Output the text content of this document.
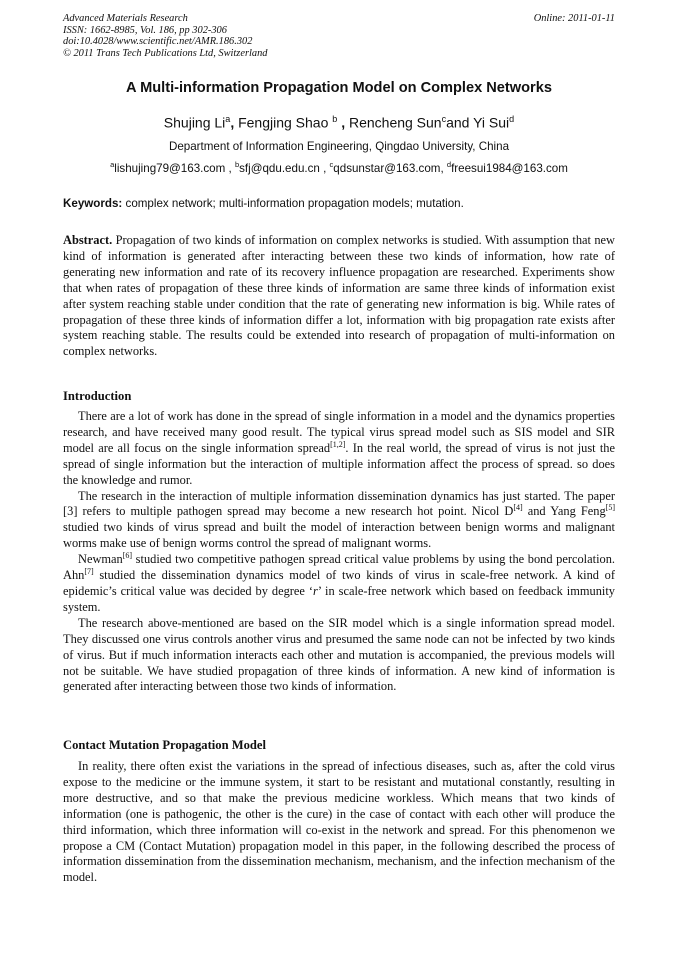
Advanced Materials Research
ISSN: 1662-8985, Vol. 186, pp 302-306
doi:10.4028/www.scientific.net/AMR.186.302
© 2011 Trans Tech Publications Ltd, Switzerland
Online: 2011-01-11
A Multi-information Propagation Model on Complex Networks
Shujing Li$^a$, Fengjing Shao $^b$ , Rencheng Sun$^c$and Yi Sui$^d$
Department of Information Engineering, Qingdao University, China
$^a$lishujing79@163.com , $^b$sfj@qdu.edu.cn , $^c$qdsunstar@163.com, $^d$freesui1984@163.com
Keywords: complex network; multi-information propagation models; mutation.

Abstract. Propagation of two kinds of information on complex networks is studied. With assumption that new kind of information is generated after interacting between these two kinds of information, how rate of generating new information and rate of its recovery influence propagation are researched. Experiments show that when rates of propagation of these three kinds of information are same three kinds of information exist after system reaching stable under condition that the rate of generating new information is big. While rates of propagation of these three kinds of information differ a lot, information with big propagation rate exists after system reaching stable. The results could be extended into research of propagation of multi-information on complex networks.

Introduction

There are a lot of work has done in the spread of single information in a model and the dynamics properties research, and have received many good result. The typical virus spread model such as SIS model and SIR model are all focus on the single information spread[1,2]. In the real world, the spread of virus is not just the spread of single information but the interaction of multiple information affect the process of spread. so does the knowledge and rumor.

The research in the interaction of multiple information dissemination dynamics has just started. The paper [3] refers to multiple pathogen spread may become a new research hot point. Nicol D[4] and Yang Feng[5] studied two kinds of virus spread and built the model of interaction between benign worms and malignant worms make use of benign worms control the spread of malignant worms.

Newman[6] studied two competitive pathogen spread critical value problems by using the bond percolation. Ahn[7] studied the dissemination dynamics model of two kinds of virus in scale-free network. A kind of epidemic’s critical value was decided by degree ‘r’ in scale-free network which based on feedback immunity system.

The research above-mentioned are based on the SIR model which is a single information spread model. They discussed one virus controls another virus and presumed the same node can not be infected by two kinds of virus. But if much information interacts each other and mutation is accompanied, the previous models will not be suitable. We have studied propagation of three kinds of information. A new kind of information is generated after interacting between those two kinds of information.

Contact Mutation Propagation Model

In reality, there often exist the variations in the spread of infectious diseases, such as, after the cold virus expose to the medicine or the immune system, it start to be resistant and mutational constantly, resulting in more destructive, and so that make the previous medicine workless. Which means that two kinds of information (one is pathogenic, the other is the cure) in the case of contact with each other will produce the third information, which three information will co-exist in the network and spread. For this phenomenon we propose a CM (Contact Mutation) propagation model in this paper, in the following described the process of information dissemination from the dissemination mechanism, mechanism, and the infection mechanism of the model.
